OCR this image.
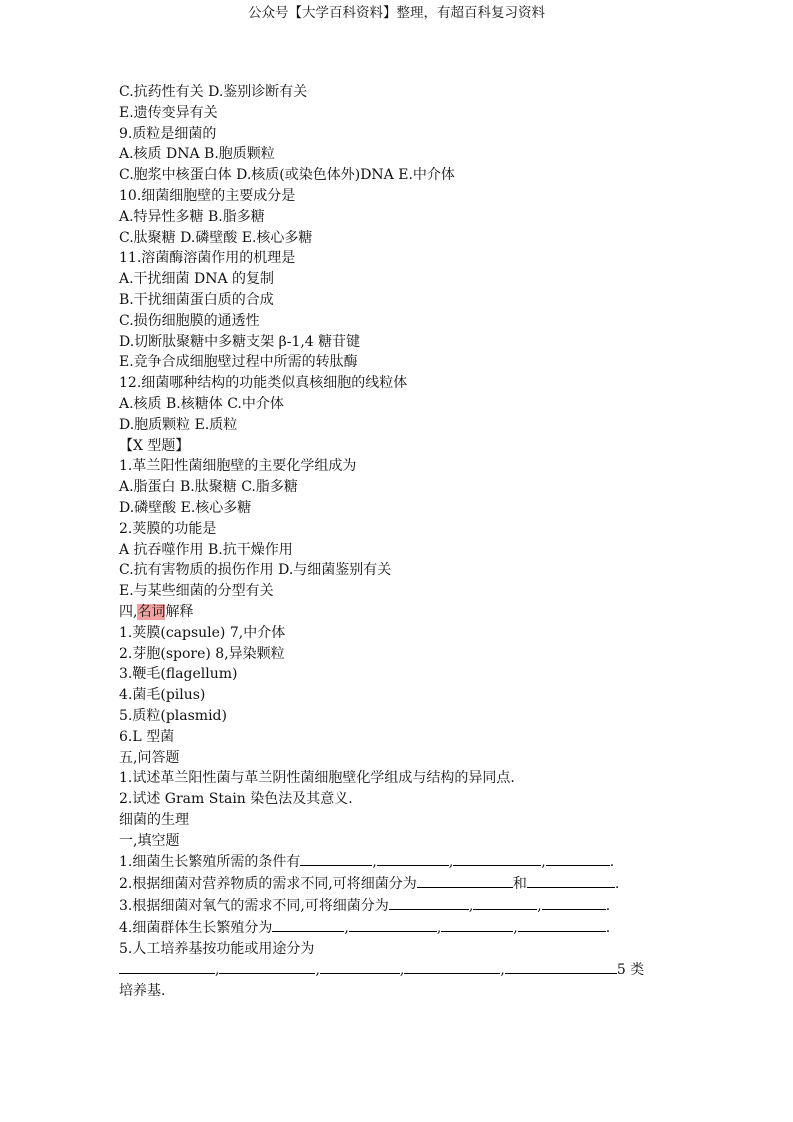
公众号【大学百科资料】整理，有超百科复习资料
C.抗药性有关 D.鉴别诊断有关
E.遗传变异有关
9.质粒是细菌的
A.核质 DNA B.胞质颗粒
C.胞浆中核蛋白体 D.核质(或染色体外)DNA E.中介体
10.细菌细胞壁的主要成分是
A.特异性多糖 B.脂多糖
C.肽聚糖 D.磷壁酸 E.核心多糖
11.溶菌酶溶菌作用的机理是
A.干扰细菌 DNA 的复制
B.干扰细菌蛋白质的合成
C.损伤细胞膜的通透性
D.切断肽聚糖中多糖支架 β-1,4 糖苷键
E.竞争合成细胞壁过程中所需的转肽酶
12.细菌哪种结构的功能类似真核细胞的线粒体
A.核质 B.核糖体 C.中介体
D.胞质颗粒 E.质粒
【X 型题】
1.革兰阳性菌细胞壁的主要化学组成为
A.脂蛋白 B.肽聚糖 C.脂多糖
D.磷壁酸 E.核心多糖
2.荚膜的功能是
A 抗吞噬作用 B.抗干燥作用
C.抗有害物质的损伤作用 D.与细菌鉴别有关
E.与某些细菌的分型有关
四,名词解释
1.荚膜(capsule) 7,中介体
2.芽胞(spore) 8,异染颗粒
3.鞭毛(flagellum)
4.菌毛(pilus)
5.质粒(plasmid)
6.L 型菌
五,问答题
1.试述革兰阳性菌与革兰阴性菌细胞壁化学组成与结构的异同点.
2.试述 Gram Stain 染色法及其意义.
细菌的生理
一,填空题
1.细菌生长繁殖所需的条件有	,	,	,	.
2.根据细菌对营养物质的需求不同,可将细菌分为	和	.
3.根据细菌对氧气的需求不同,可将细菌分为	,	,	.
4.细菌群体生长繁殖分为	,	,	,	.
5.人工培养基按功能或用途分为
,	,	,	,	5 类
培养基.
